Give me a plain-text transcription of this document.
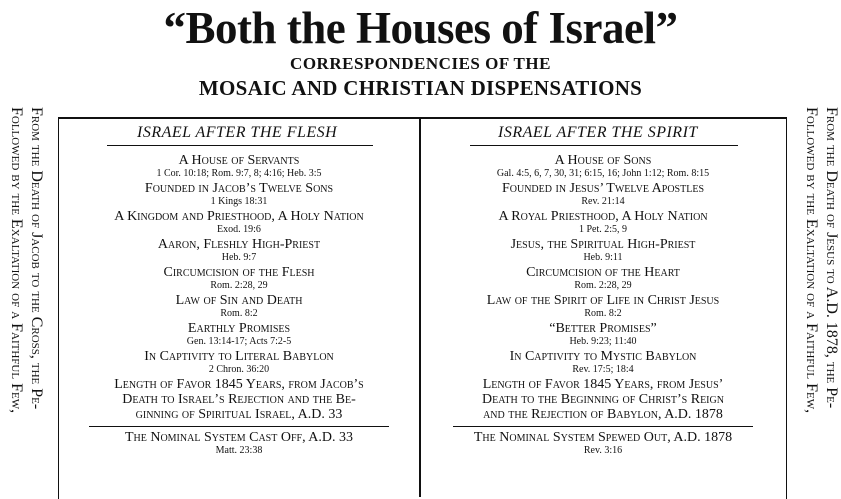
“Both the Houses of Israel”
CORRESPONDENCIES OF THE
MOSAIC AND CHRISTIAN DISPENSATIONS
From the Death of Jacob to the Cross, the Pe-
Followed by the Exaltation of a Faithful Few,	From the Death of Jesus to A.D. 1878, the Pe-
Followed by the Exaltation of a Faithful Few,
ISRAEL AFTER THE FLESH	ISRAEL AFTER THE SPIRIT
A House of Servants
1 Cor. 10:18; Rom. 9:7, 8; 4:16; Heb. 3:5
Founded in Jacob’s Twelve Sons
1 Kings 18:31
A Kingdom and Priesthood, A Holy Nation
Exod. 19:6
Aaron, Fleshly High-Priest
Heb. 9:7
Circumcision of the Flesh
Rom. 2:28, 29
Law of Sin and Death
Rom. 8:2
Earthly Promises
Gen. 13:14-17; Acts 7:2-5
In Captivity to Literal Babylon
2 Chron. 36:20
Length of Favor 1845 Years, from Jacob’s
Death to Israel’s Rejection and the Be-
ginning of Spiritual Israel, A.D. 33
The Nominal System Cast Off, A.D. 33
Matt. 23:38
A House of Sons
Gal. 4:5, 6, 7, 30, 31; 6:15, 16; John 1:12; Rom. 8:15
Founded in Jesus’ Twelve Apostles
Rev. 21:14
A Royal Priesthood, A Holy Nation
1 Pet. 2:5, 9
Jesus, the Spiritual High-Priest
Heb. 9:11
Circumcision of the Heart
Rom. 2:28, 29
Law of the Spirit of Life in Christ Jesus
Rom. 8:2
“Better Promises”
Heb. 9:23; 11:40
In Captivity to Mystic Babylon
Rev. 17:5; 18:4
Length of Favor 1845 Years, from Jesus’
Death to the Beginning of Christ’s Reign
and the Rejection of Babylon, A.D. 1878
The Nominal System Spewed Out, A.D. 1878
Rev. 3:16
